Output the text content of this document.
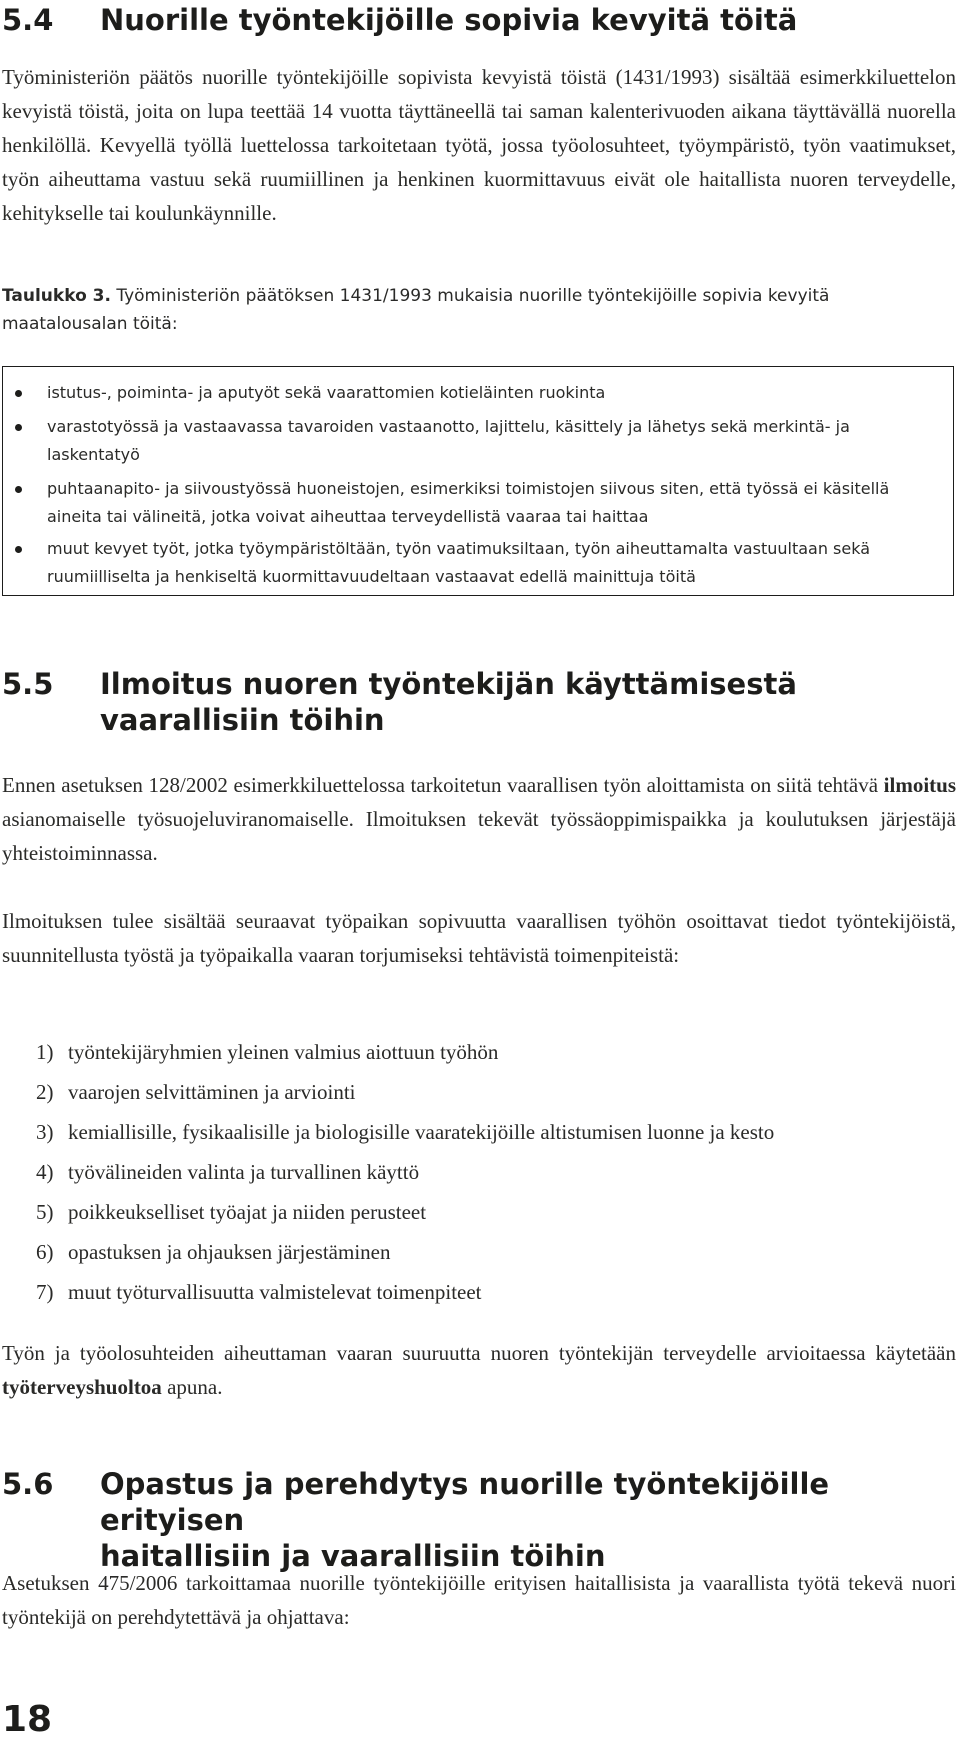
5.4 Nuorille työntekijöille sopivia kevyitä töitä

Työministeriön päätös nuorille työntekijöille sopivista kevyistä töistä (1431/1993) sisältää esimerkkiluettelon kevyistä töistä, joita on lupa teettää 14 vuotta täyttäneellä tai saman kalenterivuoden aikana täyttävällä nuorella henkilöllä. Kevyellä työllä luettelossa tarkoitetaan työtä, jossa työolosuhteet, työympäristö, työn vaatimukset, työn aiheuttama vastuu sekä ruumiillinen ja henkinen kuormittavuus eivät ole haitallista nuoren terveydelle, kehitykselle tai koulunkäynnille.

Taulukko 3. Työministeriön päätöksen 1431/1993 mukaisia nuorille työntekijöille sopivia kevyitä maatalousalan töitä:

istutus-, poiminta- ja aputyöt sekä vaarattomien kotieläinten ruokinta

varastotyössä ja vastaavassa tavaroiden vastaanotto, lajittelu, käsittely ja lähetys sekä merkintä- ja laskentatyö

puhtaanapito- ja siivoustyössä huoneistojen, esimerkiksi toimistojen siivous siten, että työssä ei käsitellä aineita tai välineitä, jotka voivat aiheuttaa terveydellistä vaaraa tai haittaa

muut kevyet työt, jotka työympäristöltään, työn vaatimuksiltaan, työn aiheuttamalta vastuultaan sekä ruumiilliselta ja henkiseltä kuormittavuudeltaan vastaavat edellä mainittuja töitä

5.5 Ilmoitus nuoren työntekijän käyttämisestä
vaarallisiin töihin

Ennen asetuksen 128/2002 esimerkkiluettelossa tarkoitetun vaarallisen työn aloittamista on siitä tehtävä ilmoitus asianomaiselle työsuojeluviranomaiselle. Ilmoituksen tekevät työssäoppimispaikka ja koulutuksen järjestäjä yhteistoiminnassa.

Ilmoituksen tulee sisältää seuraavat työpaikan sopivuutta vaarallisen työhön osoittavat tiedot työntekijöistä, suunnitellusta työstä ja työpaikalla vaaran torjumiseksi tehtävistä toimenpiteistä:

1) työntekijäryhmien yleinen valmius aiottuun työhön
2) vaarojen selvittäminen ja arviointi
3) kemiallisille, fysikaalisille ja biologisille vaaratekijöille altistumisen luonne ja kesto
4) työvälineiden valinta ja turvallinen käyttö
5) poikkeukselliset työajat ja niiden perusteet
6) opastuksen ja ohjauksen järjestäminen
7) muut työturvallisuutta valmistelevat toimenpiteet

Työn ja työolosuhteiden aiheuttaman vaaran suuruutta nuoren työntekijän terveydelle arvioitaessa käytetään työterveyshuoltoa apuna.

5.6 Opastus ja perehdytys nuorille työntekijöille erityisen
haitallisiin ja vaarallisiin töihin

Asetuksen 475/2006 tarkoittamaa nuorille työntekijöille erityisen haitallisista ja vaarallista työtä tekevä nuori työntekijä on perehdytettävä ja ohjattava:

18
